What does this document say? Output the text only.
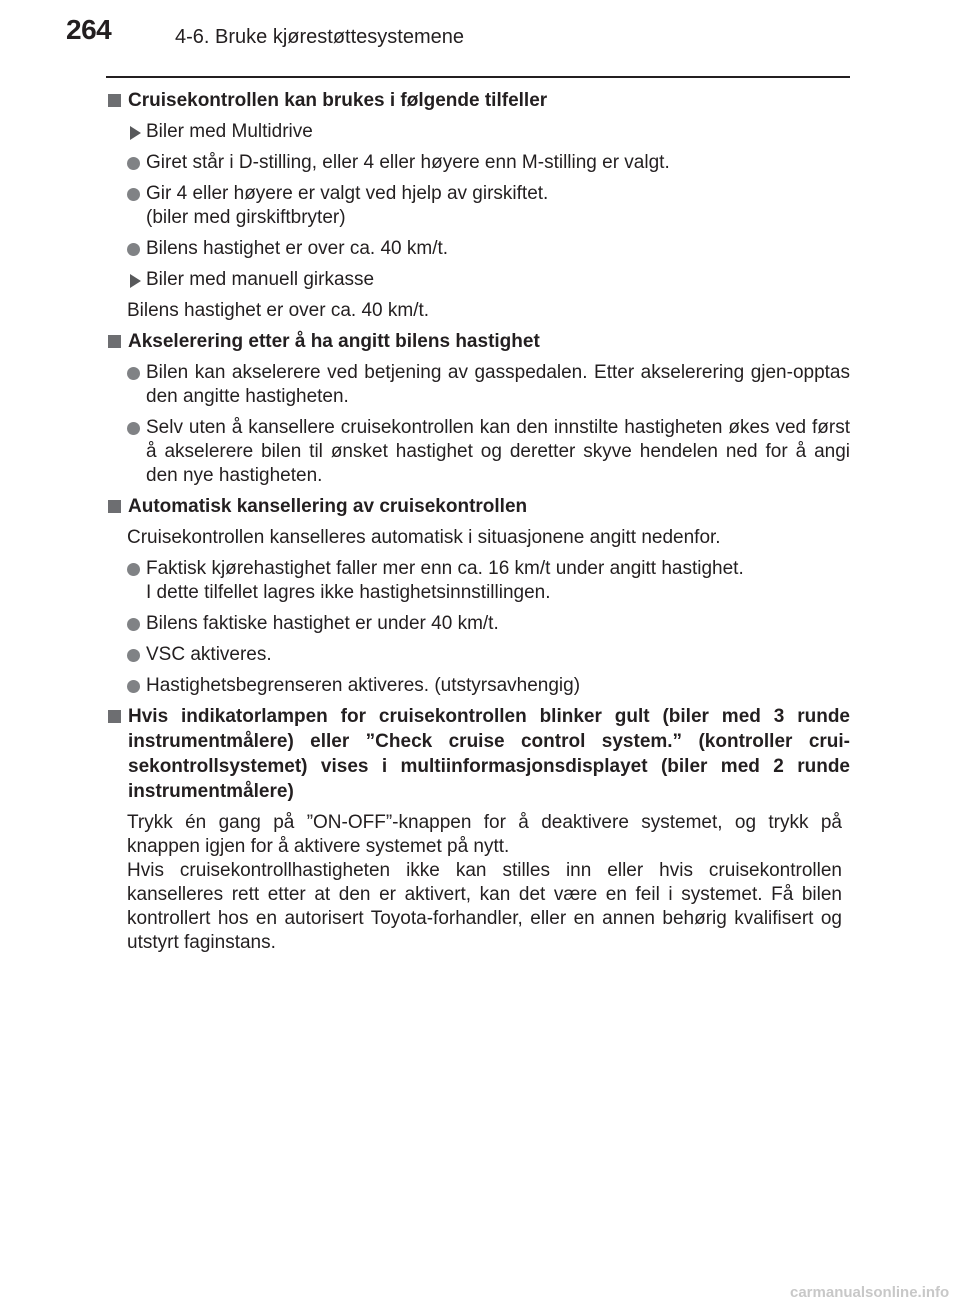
264	4-6. Bruke kjørestøttesystemene
Cruisekontrollen kan brukes i følgende tilfeller
Biler med Multidrive
Giret står i D-stilling, eller 4 eller høyere enn M-stilling er valgt.
Gir 4 eller høyere er valgt ved hjelp av girskiftet.
(biler med girskiftbryter)
Bilens hastighet er over ca. 40 km/t.
Biler med manuell girkasse
Bilens hastighet er over ca. 40 km/t.
Akselerering etter å ha angitt bilens hastighet
Bilen kan akselerere ved betjening av gasspedalen. Etter akselerering gjen-opptas den angitte hastigheten.
Selv uten å kansellere cruisekontrollen kan den innstilte hastigheten økes ved først å akselerere bilen til ønsket hastighet og deretter skyve hendelen ned for å angi den nye hastigheten.
Automatisk kansellering av cruisekontrollen
Cruisekontrollen kanselleres automatisk i situasjonene angitt nedenfor.
Faktisk kjørehastighet faller mer enn ca. 16 km/t under angitt hastighet.
I dette tilfellet lagres ikke hastighetsinnstillingen.
Bilens faktiske hastighet er under 40 km/t.
VSC aktiveres.
Hastighetsbegrenseren aktiveres. (utstyrsavhengig)
Hvis indikatorlampen for cruisekontrollen blinker gult (biler med 3 runde instrumentmålere) eller ”Check cruise control system.” (kontroller crui-sekontrollsystemet) vises i multiinformasjonsdisplayet (biler med 2 runde instrumentmålere)
Trykk én gang på ”ON-OFF”-knappen for å deaktivere systemet, og trykk på knappen igjen for å aktivere systemet på nytt.
Hvis cruisekontrollhastigheten ikke kan stilles inn eller hvis cruisekontrollen kanselleres rett etter at den er aktivert, kan det være en feil i systemet. Få bilen kontrollert hos en autorisert Toyota-forhandler, eller en annen behørig kvalifisert og utstyrt faginstans.
carmanualsonline.info
